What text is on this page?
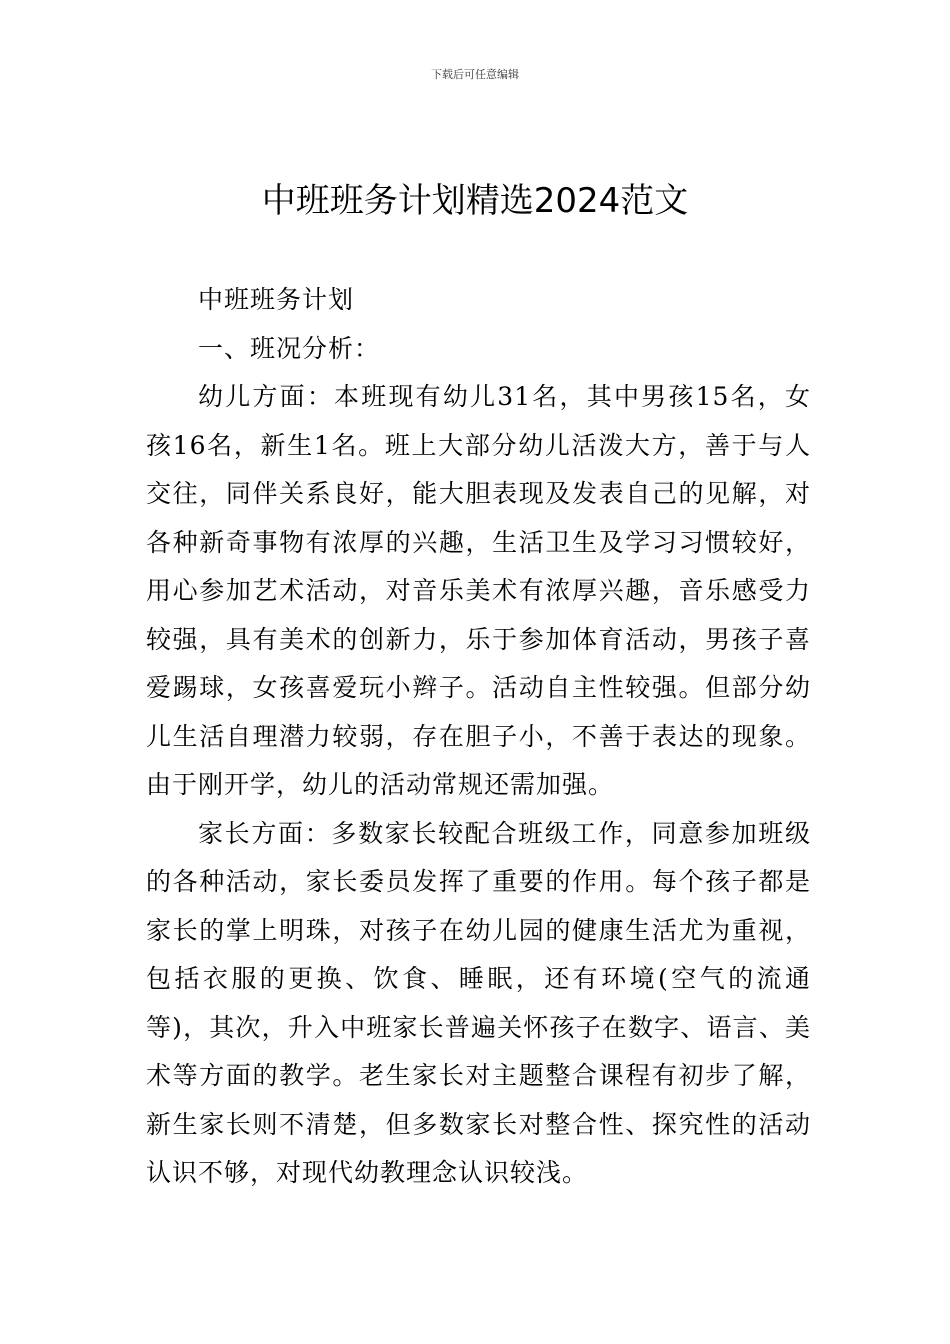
下载后可任意编辑
中班班务计划精选2024范文

中班班务计划

一、班况分析：

幼儿方面：本班现有幼儿31名，其中男孩15名，女孩16名，新生1名。班上大部分幼儿活泼大方，善于与人交往，同伴关系良好，能大胆表现及发表自己的见解，对各种新奇事物有浓厚的兴趣，生活卫生及学习习惯较好，用心参加艺术活动，对音乐美术有浓厚兴趣，音乐感受力较强，具有美术的创新力，乐于参加体育活动，男孩子喜爱踢球，女孩喜爱玩小辫子。活动自主性较强。但部分幼儿生活自理潜力较弱，存在胆子小，不善于表达的现象。由于刚开学，幼儿的活动常规还需加强。

家长方面：多数家长较配合班级工作，同意参加班级的各种活动，家长委员发挥了重要的作用。每个孩子都是家长的掌上明珠，对孩子在幼儿园的健康生活尤为重视，包括衣服的更换、饮食、睡眠，还有环境(空气的流通等)，其次，升入中班家长普遍关怀孩子在数字、语言、美术等方面的教学。老生家长对主题整合课程有初步了解，新生家长则不清楚，但多数家长对整合性、探究性的活动认识不够，对现代幼教理念认识较浅。
